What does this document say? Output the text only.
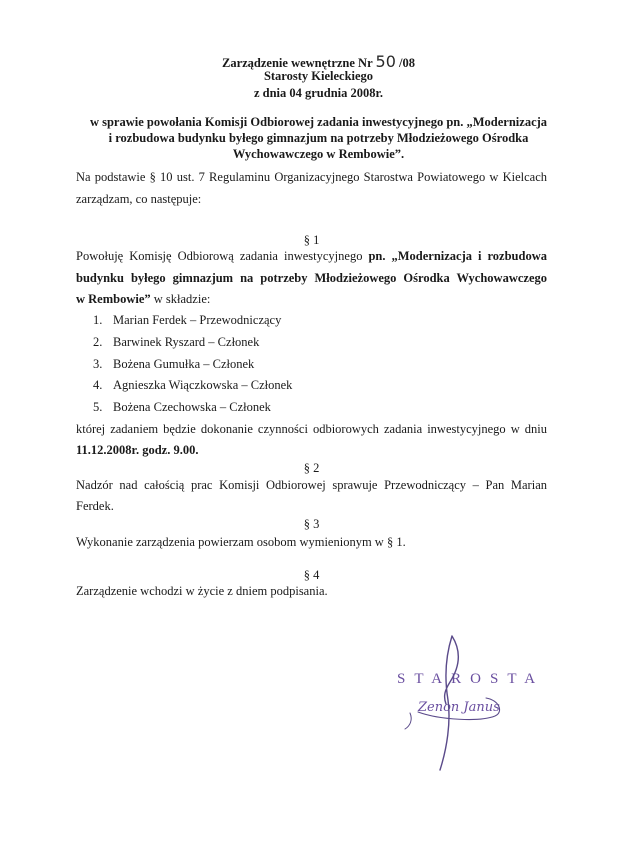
Zarządzenie wewnętrzne Nr 50 /08
Starosty Kieleckiego
z dnia 04 grudnia 2008r.
w sprawie powołania Komisji Odbiorowej zadania inwestycyjnego pn. „Modernizacja
i rozbudowa budynku byłego gimnazjum na potrzeby Młodzieżowego Ośrodka
Wychowawczego w Rembowie”.
Na podstawie § 10 ust. 7 Regulaminu Organizacyjnego Starostwa Powiatowego w Kielcach
zarządzam, co następuje:
§ 1
Powołuję Komisję Odbiorową zadania inwestycyjnego pn. „Modernizacja i rozbudowa
budynku byłego gimnazjum na potrzeby Młodzieżowego Ośrodka Wychowawczego
w Rembowie” w składzie:
1. Marian Ferdek – Przewodniczący
2. Barwinek Ryszard – Członek
3. Bożena Gumułka – Członek
4. Agnieszka Wiączkowska – Członek
5. Bożena Czechowska – Członek
której zadaniem będzie dokonanie czynności odbiorowych zadania inwestycyjnego w dniu
11.12.2008r. godz. 9.00.
§ 2
Nadzór nad całością prac Komisji Odbiorowej sprawuje Przewodniczący – Pan Marian
Ferdek.
§ 3
Wykonanie zarządzenia powierzam osobom wymienionym w § 1.
§ 4
Zarządzenie wchodzi w życie z dniem podpisania.
STAROSTA
Zenon Janus
